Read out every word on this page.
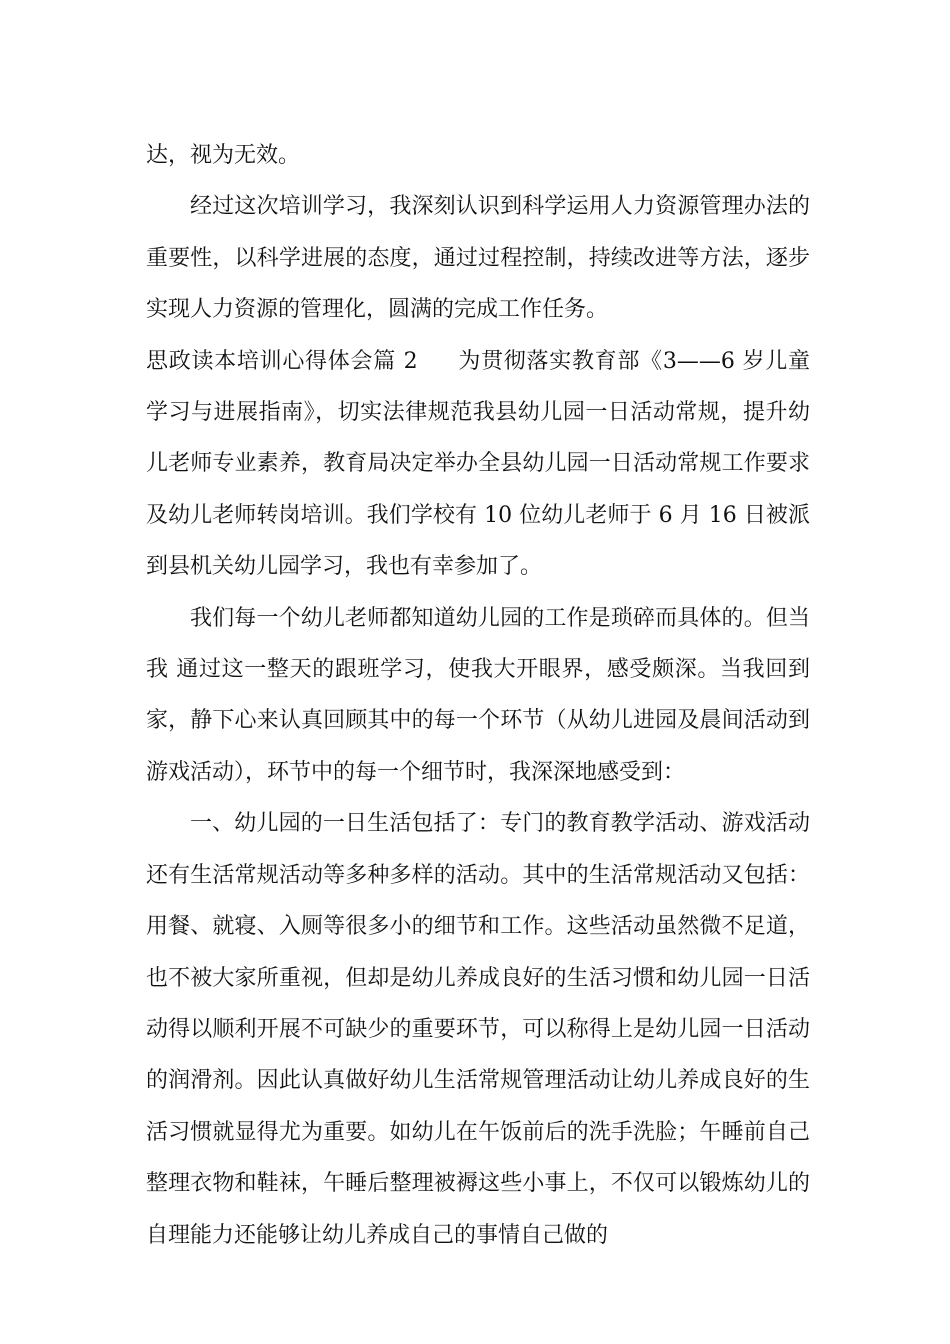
达，视为无效。

经过这次培训学习，我深刻认识到科学运用人力资源管理办法的重要性，以科学进展的态度，通过过程控制，持续改进等方法，逐步实现人力资源的管理化，圆满的完成工作任务。

思政读本培训心得体会篇 2 为贯彻落实教育部《3——6 岁儿童学习与进展指南》，切实法律规范我县幼儿园一日活动常规，提升幼儿老师专业素养，教育局决定举办全县幼儿园一日活动常规工作要求及幼儿老师转岗培训。我们学校有 10 位幼儿老师于 6 月 16 日被派到县机关幼儿园学习，我也有幸参加了。

我们每一个幼儿老师都知道幼儿园的工作是琐碎而具体的。但当我 通过这一整天的跟班学习，使我大开眼界，感受颇深。当我回到家，静下心来认真回顾其中的每一个环节（从幼儿进园及晨间活动到游戏活动），环节中的每一个细节时，我深深地感受到：

一、幼儿园的一日生活包括了：专门的教育教学活动、游戏活动还有生活常规活动等多种多样的活动。其中的生活常规活动又包括：用餐、就寝、入厕等很多小的细节和工作。这些活动虽然微不足道，也不被大家所重视，但却是幼儿养成良好的生活习惯和幼儿园一日活动得以顺利开展不可缺少的重要环节，可以称得上是幼儿园一日活动的润滑剂。因此认真做好幼儿生活常规管理活动让幼儿养成良好的生活习惯就显得尤为重要。如幼儿在午饭前后的洗手洗脸；午睡前自己整理衣物和鞋袜，午睡后整理被褥这些小事上，不仅可以锻炼幼儿的自理能力还能够让幼儿养成自己的事情自己做的
